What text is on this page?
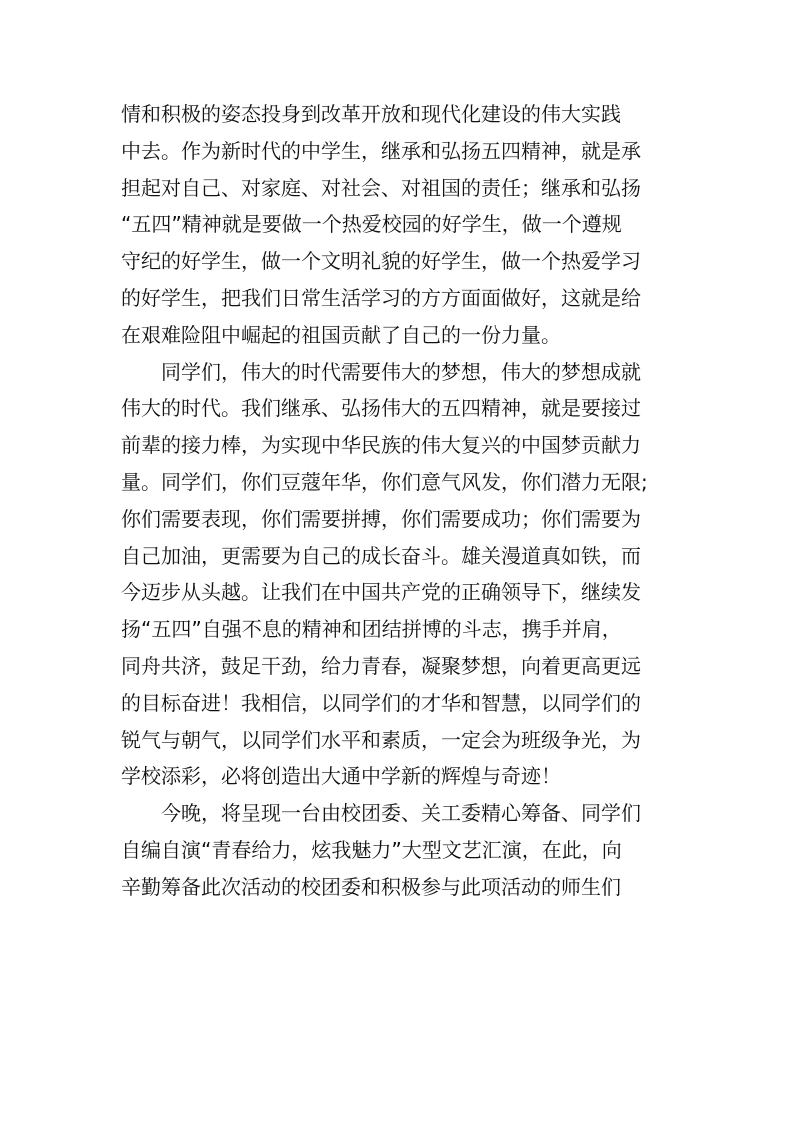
情和积极的姿态投身到改革开放和现代化建设的伟大实践
中去。作为新时代的中学生，继承和弘扬五四精神，就是承
担起对自己、对家庭、对社会、对祖国的责任；继承和弘扬
“五四”精神就是要做一个热爱校园的好学生，做一个遵规
守纪的好学生，做一个文明礼貌的好学生，做一个热爱学习
的好学生，把我们日常生活学习的方方面面做好，这就是给
在艰难险阻中崛起的祖国贡献了自己的一份力量。
同学们，伟大的时代需要伟大的梦想，伟大的梦想成就
伟大的时代。我们继承、弘扬伟大的五四精神，就是要接过
前辈的接力棒，为实现中华民族的伟大复兴的中国梦贡献力
量。同学们，你们豆蔻年华，你们意气风发，你们潜力无限;
你们需要表现，你们需要拼搏，你们需要成功；你们需要为
自己加油，更需要为自己的成长奋斗。雄关漫道真如铁，而
今迈步从头越。让我们在中国共产党的正确领导下，继续发
扬“五四”自强不息的精神和团结拼博的斗志，携手并肩，
同舟共济，鼓足干劲，给力青春，凝聚梦想，向着更高更远
的目标奋进！我相信，以同学们的才华和智慧，以同学们的
锐气与朝气，以同学们水平和素质，一定会为班级争光，为
学校添彩，必将创造出大通中学新的辉煌与奇迹！
今晚，将呈现一台由校团委、关工委精心筹备、同学们
自编自演“青春给力，炫我魅力”大型文艺汇演，在此，向
辛勤筹备此次活动的校团委和积极参与此项活动的师生们
